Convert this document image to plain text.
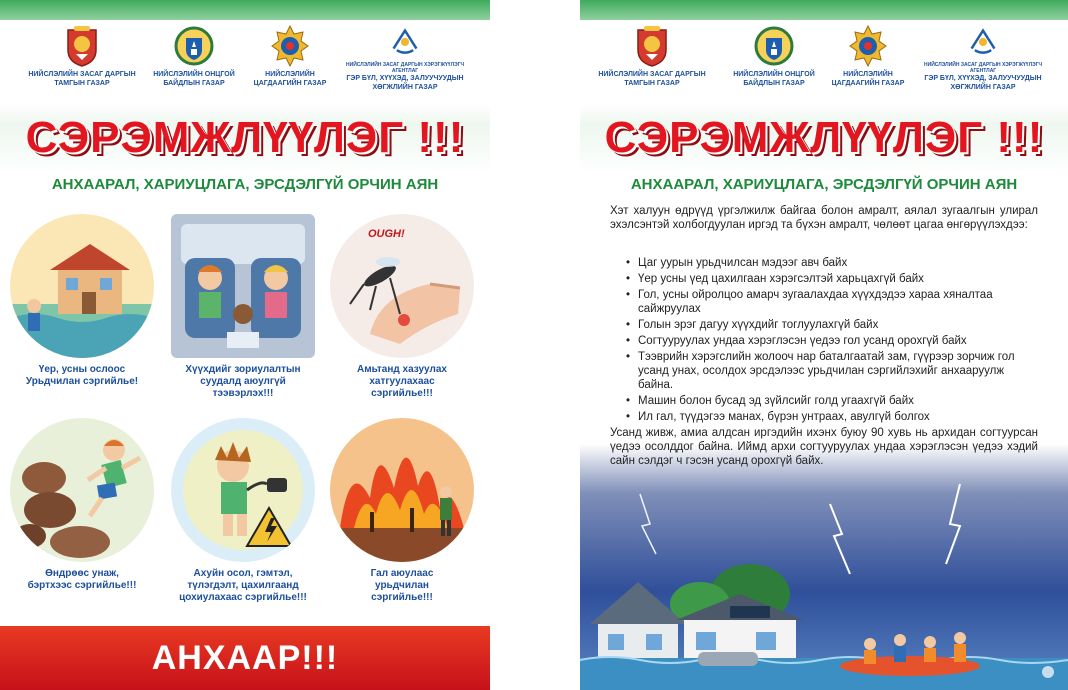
НИЙСЛЭЛИЙН ЗАСАГ ДАРГЫН
ТАМГЫН ГАЗАР
НИЙСЛЭЛИЙН ОНЦГОЙ
БАЙДЛЫН ГАЗАР
НИЙСЛЭЛИЙН
ЦАГДААГИЙН ГАЗАР
НИЙСЛЭЛИЙН ЗАСАГ ДАРГЫН ХЭРЭГЖҮҮЛЭГЧ АГЕНТЛАГ
ГЭР БҮЛ, ХҮҮХЭД, ЗАЛУУЧУУДЫН
ХӨГЖЛИЙН ГАЗАР
СЭРЭМЖЛҮҮЛЭГ !!!
АНХААРАЛ, ХАРИУЦЛАГА, ЭРСДЭЛГҮЙ ОРЧИН АЯН
Үер, усны ослоос
Урьдчилан сэргийлье!
Хүүхдийг зориулалтын
суудалд аюулгүй
тээвэрлэх!!!
OUGH!
Амьтанд хазуулах
хатгуулахаас
сэргийлье!!!
Өндрөөс унаж,
бэртхээс сэргийлье!!!
Ахуйн осол, гэмтэл,
түлэгдэлт, цахилгаанд
цохиулахаас сэргийлье!!!
Гал аюулаас
урьдчилан
сэргийлье!!!
АНХААР!!!
НИЙСЛЭЛИЙН ЗАСАГ ДАРГЫН
ТАМГЫН ГАЗАР
НИЙСЛЭЛИЙН ОНЦГОЙ
БАЙДЛЫН ГАЗАР
НИЙСЛЭЛИЙН
ЦАГДААГИЙН ГАЗАР
НИЙСЛЭЛИЙН ЗАСАГ ДАРГЫН ХЭРЭГЖҮҮЛЭГЧ АГЕНТЛАГ
ГЭР БҮЛ, ХҮҮХЭД, ЗАЛУУЧУУДЫН
ХӨГЖЛИЙН ГАЗАР
СЭРЭМЖЛҮҮЛЭГ !!!
АНХААРАЛ, ХАРИУЦЛАГА, ЭРСДЭЛГҮЙ ОРЧИН АЯН

Хэт халуун өдрүүд үргэлжилж байгаа болон амралт, аялал зугаалгын улирал эхэлсэнтэй холбогдуулан иргэд та бүхэн амралт, чөлөөт цагаа өнгөрүүлэхдээ:

• Цаг уурын урьдчилсан мэдээг авч байх
• Үер усны үед цахилгаан хэрэгсэлтэй харьцахгүй байх
• Гол, усны ойролцоо амарч зугаалахдаа хүүхдэдээ хараа хяналтаа сайжруулах
• Голын эрэг дагуу хүүхдийг тоглуулахгүй байх
• Согтууруулах ундаа хэрэглэсэн үедээ гол усанд орохгүй байх
• Тээврийн хэрэгслийн жолооч нар баталгаатай зам, гүүрээр зорчиж гол усанд унах, осолдох эрсдэлээс урьдчилан сэргийлэхийг анхааруулж байна.
• Машин болон бусад эд зүйлсийг голд угаахгүй байх
• Ил гал, түүдэгээ манах, бүрэн унтраах, авулгүй болгох

Усанд живж, амиа алдсан иргэдийн ихэнх буюу 90 хувь нь архидан согтуурсан үедээ осолддог байна. Иймд архи согтууруулах ундаа хэрэглэсэн үедээ хэдий сайн сэлдэг ч гэсэн усанд орохгүй байх.
